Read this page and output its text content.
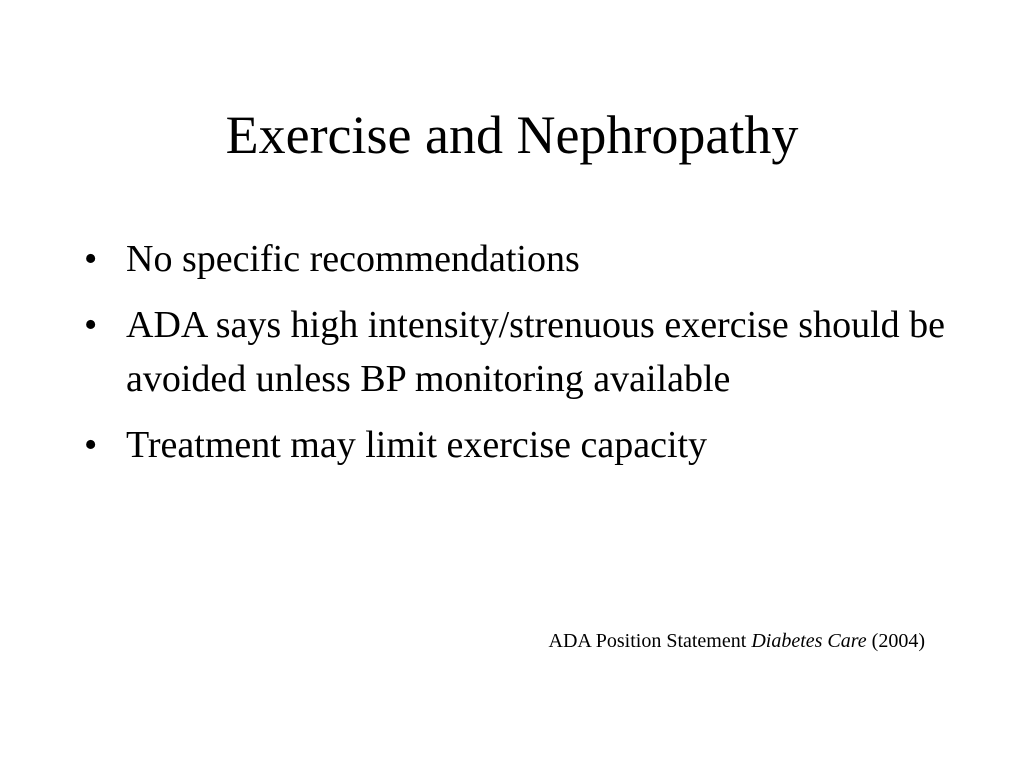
Exercise and Nephropathy
• No specific recommendations
• ADA says high intensity/strenuous exercise should be avoided unless BP monitoring available
• Treatment may limit exercise capacity
ADA Position Statement Diabetes Care (2004)
